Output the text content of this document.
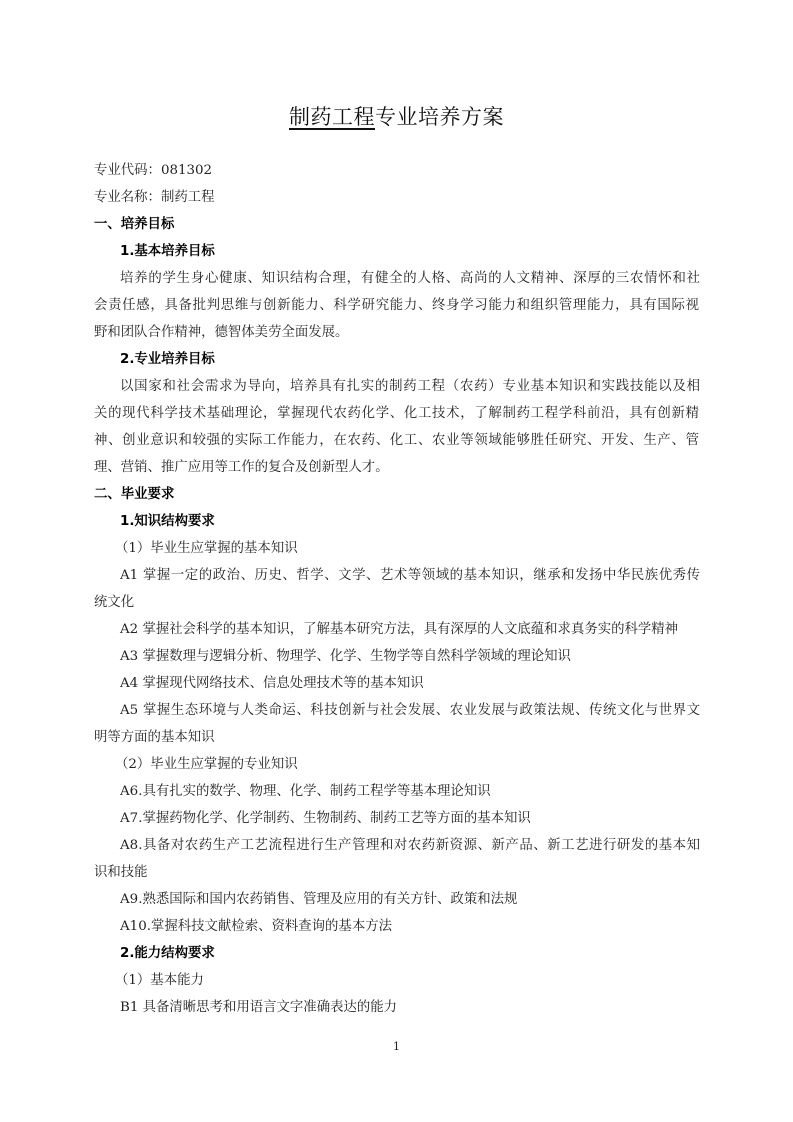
制药工程专业培养方案
专业代码：081302
专业名称：制药工程
一、培养目标
1.基本培养目标
培养的学生身心健康、知识结构合理，有健全的人格、高尚的人文精神、深厚的三农情怀和社
会责任感，具备批判思维与创新能力、科学研究能力、终身学习能力和组织管理能力，具有国际视
野和团队合作精神，德智体美劳全面发展。
2.专业培养目标
以国家和社会需求为导向，培养具有扎实的制药工程（农药）专业基本知识和实践技能以及相
关的现代科学技术基础理论，掌握现代农药化学、化工技术，了解制药工程学科前沿，具有创新精
神、创业意识和较强的实际工作能力，在农药、化工、农业等领域能够胜任研究、开发、生产、管
理、营销、推广应用等工作的复合及创新型人才。
二、毕业要求
1.知识结构要求
（1）毕业生应掌握的基本知识
A1 掌握一定的政治、历史、哲学、文学、艺术等领域的基本知识，继承和发扬中华民族优秀传
统文化
A2 掌握社会科学的基本知识，了解基本研究方法，具有深厚的人文底蕴和求真务实的科学精神
A3 掌握数理与逻辑分析、物理学、化学、生物学等自然科学领域的理论知识
A4 掌握现代网络技术、信息处理技术等的基本知识
A5 掌握生态环境与人类命运、科技创新与社会发展、农业发展与政策法规、传统文化与世界文
明等方面的基本知识
（2）毕业生应掌握的专业知识
A6.具有扎实的数学、物理、化学、制药工程学等基本理论知识
A7.掌握药物化学、化学制药、生物制药、制药工艺等方面的基本知识
A8.具备对农药生产工艺流程进行生产管理和对农药新资源、新产品、新工艺进行研发的基本知
识和技能
A9.熟悉国际和国内农药销售、管理及应用的有关方针、政策和法规
A10.掌握科技文献检索、资料查询的基本方法
2.能力结构要求
（1）基本能力
B1 具备清晰思考和用语言文字准确表达的能力
1
